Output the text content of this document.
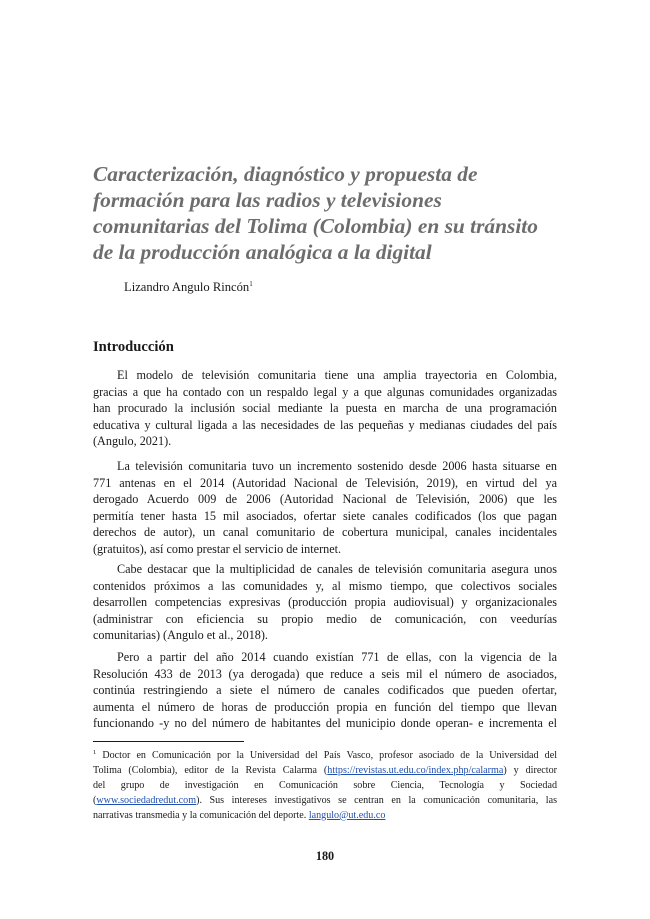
Caracterización, diagnóstico y propuesta de
formación para las radios y televisiones
comunitarias del Tolima (Colombia) en su tránsito
de la producción analógica a la digital
Lizandro Angulo Rincón$^1$
Introducción
El modelo de televisión comunitaria tiene una amplia trayectoria en Colombia,
gracias a que ha contado con un respaldo legal y a que algunas comunidades organizadas
han procurado la inclusión social mediante la puesta en marcha de una programación
educativa y cultural ligada a las necesidades de las pequeñas y medianas ciudades del país
(Angulo, 2021).
La televisión comunitaria tuvo un incremento sostenido desde 2006 hasta situarse en
771 antenas en el 2014 (Autoridad Nacional de Televisión, 2019), en virtud del ya
derogado Acuerdo 009 de 2006 (Autoridad Nacional de Televisión, 2006) que les
permitía tener hasta 15 mil asociados, ofertar siete canales codificados (los que pagan
derechos de autor), un canal comunitario de cobertura municipal, canales incidentales
(gratuitos), así como prestar el servicio de internet.
Cabe destacar que la multiplicidad de canales de televisión comunitaria asegura unos
contenidos próximos a las comunidades y, al mismo tiempo, que colectivos sociales
desarrollen competencias expresivas (producción propia audiovisual) y organizacionales
(administrar con eficiencia su propio medio de comunicación, con veedurías
comunitarias) (Angulo et al., 2018).
Pero a partir del año 2014 cuando existían 771 de ellas, con la vigencia de la
Resolución 433 de 2013 (ya derogada) que reduce a seis mil el número de asociados,
continúa restringiendo a siete el número de canales codificados que pueden ofertar,
aumenta el número de horas de producción propia en función del tiempo que llevan
funcionando -y no del número de habitantes del municipio donde operan- e incrementa el
$^1$ Doctor en Comunicación por la Universidad del País Vasco, profesor asociado de la Universidad del
Tolima (Colombia), editor de la Revista Calarma (https://revistas.ut.edu.co/index.php/calarma) y director
del grupo de investigación en Comunicación sobre Ciencia, Tecnología y Sociedad
(www.sociedadredut.com). Sus intereses investigativos se centran en la comunicación comunitaria, las
narrativas transmedia y la comunicación del deporte. langulo@ut.edu.co
180
